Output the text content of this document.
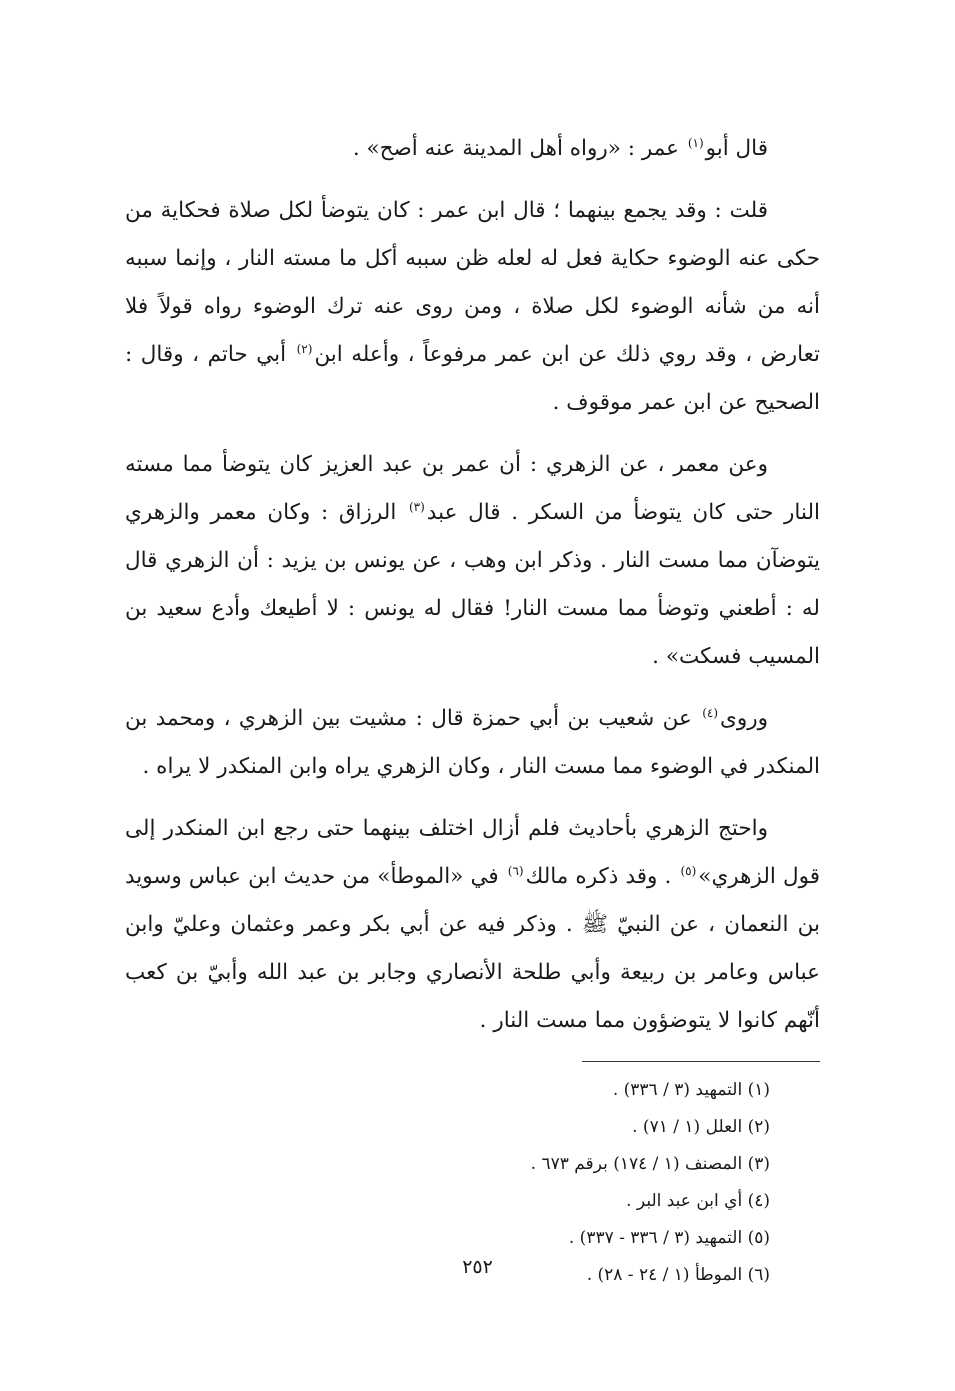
قال أبو$^{(١)}$ عمر : «رواه أهل المدينة عنه أصح» .

قلت : وقد يجمع بينهما ؛ قال ابن عمر : كان يتوضأ لكل صلاة فحكاية من حكى عنه الوضوء حكاية فعل له لعله ظن سببه أكل ما مسته النار ، وإنما سببه أنه من شأنه الوضوء لكل صلاة ، ومن روى عنه ترك الوضوء رواه قولاً فلا تعارض ، وقد روي ذلك عن ابن عمر مرفوعاً ، وأعله ابن$^{(٢)}$ أبي حاتم ، وقال : الصحيح عن ابن عمر موقوف .

وعن معمر ، عن الزهري : أن عمر بن عبد العزيز كان يتوضأ مما مسته النار حتى كان يتوضأ من السكر . قال عبد$^{(٣)}$ الرزاق : وكان معمر والزهري يتوضآن مما مست النار . وذكر ابن وهب ، عن يونس بن يزيد : أن الزهري قال له : أطعني وتوضأ مما مست النار! فقال له يونس : لا أطيعك وأدع سعيد بن المسيب فسكت» .

وروى$^{(٤)}$ عن شعيب بن أبي حمزة قال : مشيت بين الزهري ، ومحمد بن المنكدر في الوضوء مما مست النار ، وكان الزهري يراه وابن المنكدر لا يراه .

واحتج الزهري بأحاديث فلم أزال اختلف بينهما حتى رجع ابن المنكدر إلى قول الزهري»$^{(٥)}$ . وقد ذكره مالك$^{(٦)}$ في «الموطأ» من حديث ابن عباس وسويد بن النعمان ، عن النبيّ ﷺ . وذكر فيه عن أبي بكر وعمر وعثمان وعليّ وابن عباس وعامر بن ربيعة وأبي طلحة الأنصاري وجابر بن عبد الله وأبيّ بن كعب أنّهم كانوا لا يتوضؤون مما مست النار .

(١) التمهيد (٣ / ٣٣٦) .
(٢) العلل (١ / ٧١) .
(٣) المصنف (١ / ١٧٤) برقم ٦٧٣ .
(٤) أي ابن عبد البر .
(٥) التمهيد (٣ / ٣٣٦ - ٣٣٧) .
(٦) الموطأ (١ / ٢٤ - ٢٨) .
٢٥٢
